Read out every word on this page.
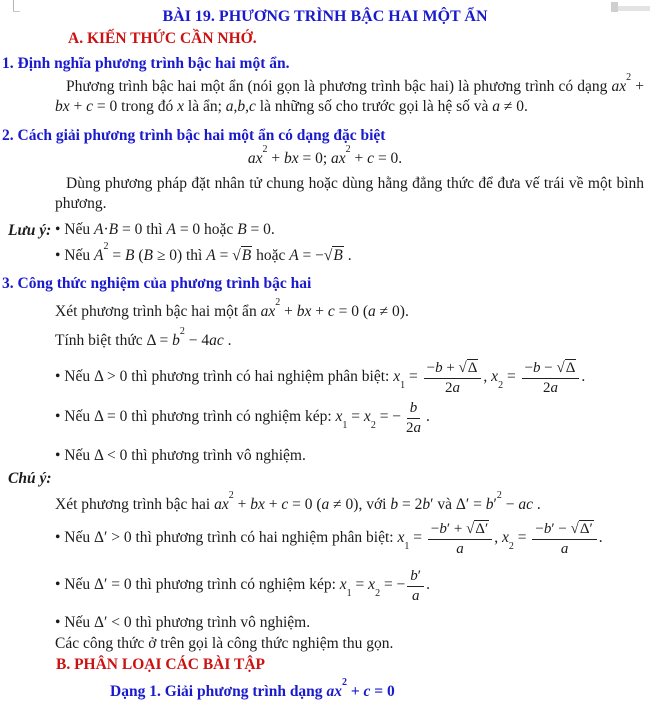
BÀI 19. PHƯƠNG TRÌNH BẬC HAI MỘT ẨN
A. KIẾN THỨC CẦN NHỚ.
1. Định nghĩa phương trình bậc hai một ẩn.
Phương trình bậc hai một ẩn (nói gọn là phương trình bậc hai) là phương trình có dạng $ax^2$ + bx + c = 0 trong đó x là ẩn; a,b,c là những số cho trước gọi là hệ số và a ≠ 0.
2. Cách giải phương trình bậc hai một ẩn có dạng đặc biệt
$ax^2$ + bx = 0; $ax^2 + c = 0$.
Dùng phương pháp đặt nhân tử chung hoặc dùng hằng đẳng thức để đưa vế trái về một bình phương.
Lưu ý: • Nếu A·B = 0 thì A = 0 hoặc B = 0.
• Nếu $A^2 = B$ (B ≥ 0) thì A = √B hoặc A = −√B .
3. Công thức nghiệm của phương trình bậc hai
Xét phương trình bậc hai một ẩn $ax^2$ + bx + c = 0 (a ≠ 0).
Tính biệt thức $\Delta = b^2 - 4ac$ .
• Nếu Δ > 0 thì phương trình có hai nghiệm phân biệt: $x_1 = \frac{-b + √\Delta}{2a}$ , $x_2 = \frac{-b - √\Delta}{2a}$ .
• Nếu Δ = 0 thì phương trình có nghiệm kép: $x_1 = x_2$ = − $\frac{b}{2a}$ .
• Nếu Δ < 0 thì phương trình vô nghiệm.
Chú ý:
Xét phương trình bậc hai $ax^2$ + bx + c = 0 (a ≠ 0), với b = 2b′ và $\Delta' = b'^2$ − ac .
• Nếu Δ′ > 0 thì phương trình có hai nghiệm phân biệt: $x_1 = \frac{-b' + √\Delta'}{a}$ , $x_2 = \frac{-b' - √\Delta'}{a}$ .
• Nếu Δ′ = 0 thì phương trình có nghiệm kép: $x_1 = x_2$ = − $\frac{b'}{a}$ .
• Nếu Δ′ < 0 thì phương trình vô nghiệm.
Các công thức ở trên gọi là công thức nghiệm thu gọn.
B. PHÂN LOẠI CÁC BÀI TẬP
Dạng 1. Giải phương trình dạng $ax^2 + c = 0$
